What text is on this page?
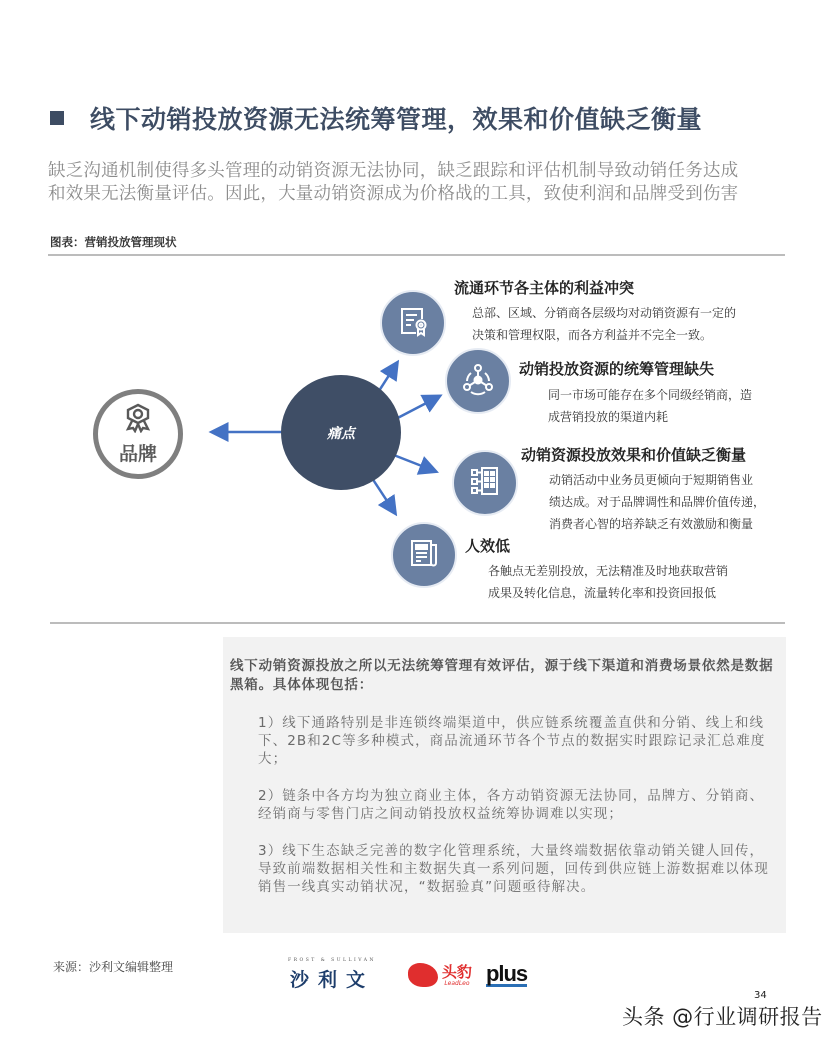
线下动销投放资源无法统筹管理，效果和价值缺乏衡量
缺乏沟通机制使得多头管理的动销资源无法协同，缺乏跟踪和评估机制导致动销任务达成
和效果无法衡量评估。因此，大量动销资源成为价格战的工具，致使利润和品牌受到伤害
图表：营销投放管理现状
品牌
痛点
流通环节各主体的利益冲突
总部、区域、分销商各层级均对动销资源有一定的
决策和管理权限，而各方利益并不完全一致。
动销投放资源的统筹管理缺失
同一市场可能存在多个同级经销商，造
成营销投放的渠道内耗
动销资源投放效果和价值缺乏衡量
动销活动中业务员更倾向于短期销售业
绩达成。对于品牌调性和品牌价值传递，
消费者心智的培养缺乏有效激励和衡量
人效低
各触点无差别投放，无法精准及时地获取营销
成果及转化信息，流量转化率和投资回报低
线下动销资源投放之所以无法统筹管理有效评估，源于线下渠道和消费场景依然是数据黑箱。具体体现包括：
1）线下通路特别是非连锁终端渠道中，供应链系统覆盖直供和分销、线上和线下、2B和2C等多种模式，商品流通环节各个节点的数据实时跟踪记录汇总难度大；
2）链条中各方均为独立商业主体，各方动销资源无法协同，品牌方、分销商、经销商与零售门店之间动销投放权益统筹协调难以实现；
3）线下生态缺乏完善的数字化管理系统，大量终端数据依靠动销关键人回传，导致前端数据相关性和主数据失真一系列问题，回传到供应链上游数据难以体现销售一线真实动销状况，“数据验真”问题亟待解决。
来源：沙利文编辑整理	FROST & SULLIVAN
沙利文	头豹
LeadLeo plus
34
头条 @行业调研报告
